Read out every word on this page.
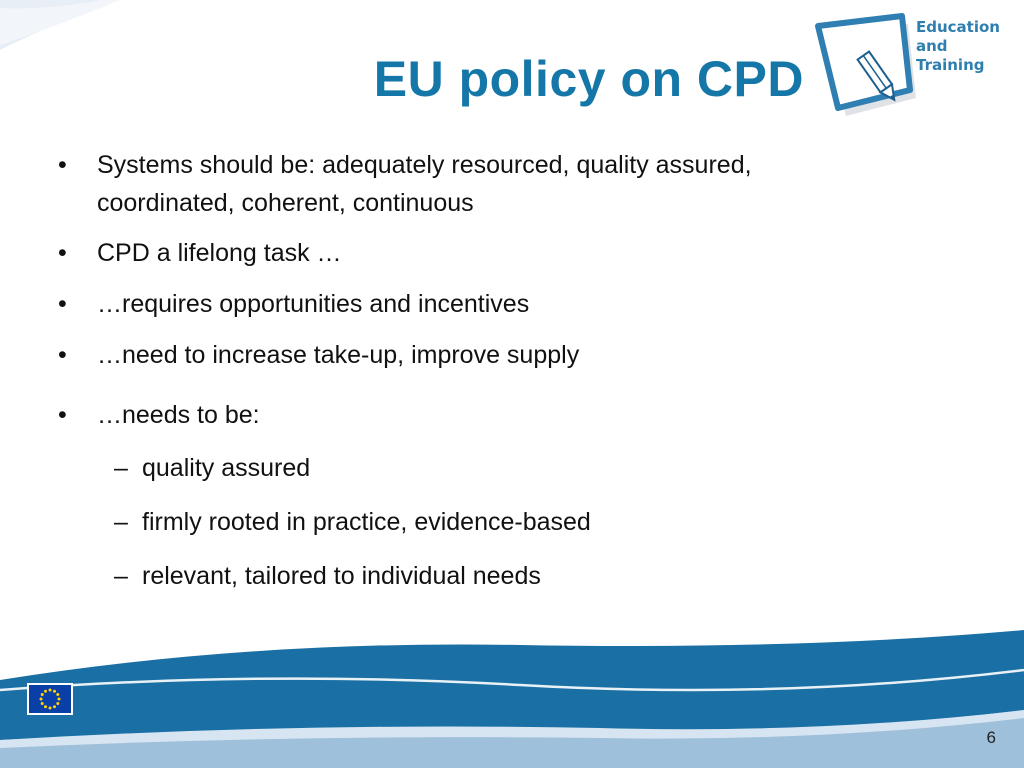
EU policy on CPD
Education
and
Training
• Systems should be: adequately resourced, quality assured,
coordinated, coherent, continuous
• CPD a lifelong task …
• …requires opportunities and incentives
• …need to increase take-up, improve supply
• …needs to be:
– quality assured
– firmly rooted in practice, evidence-based
– relevant, tailored to individual needs
6
